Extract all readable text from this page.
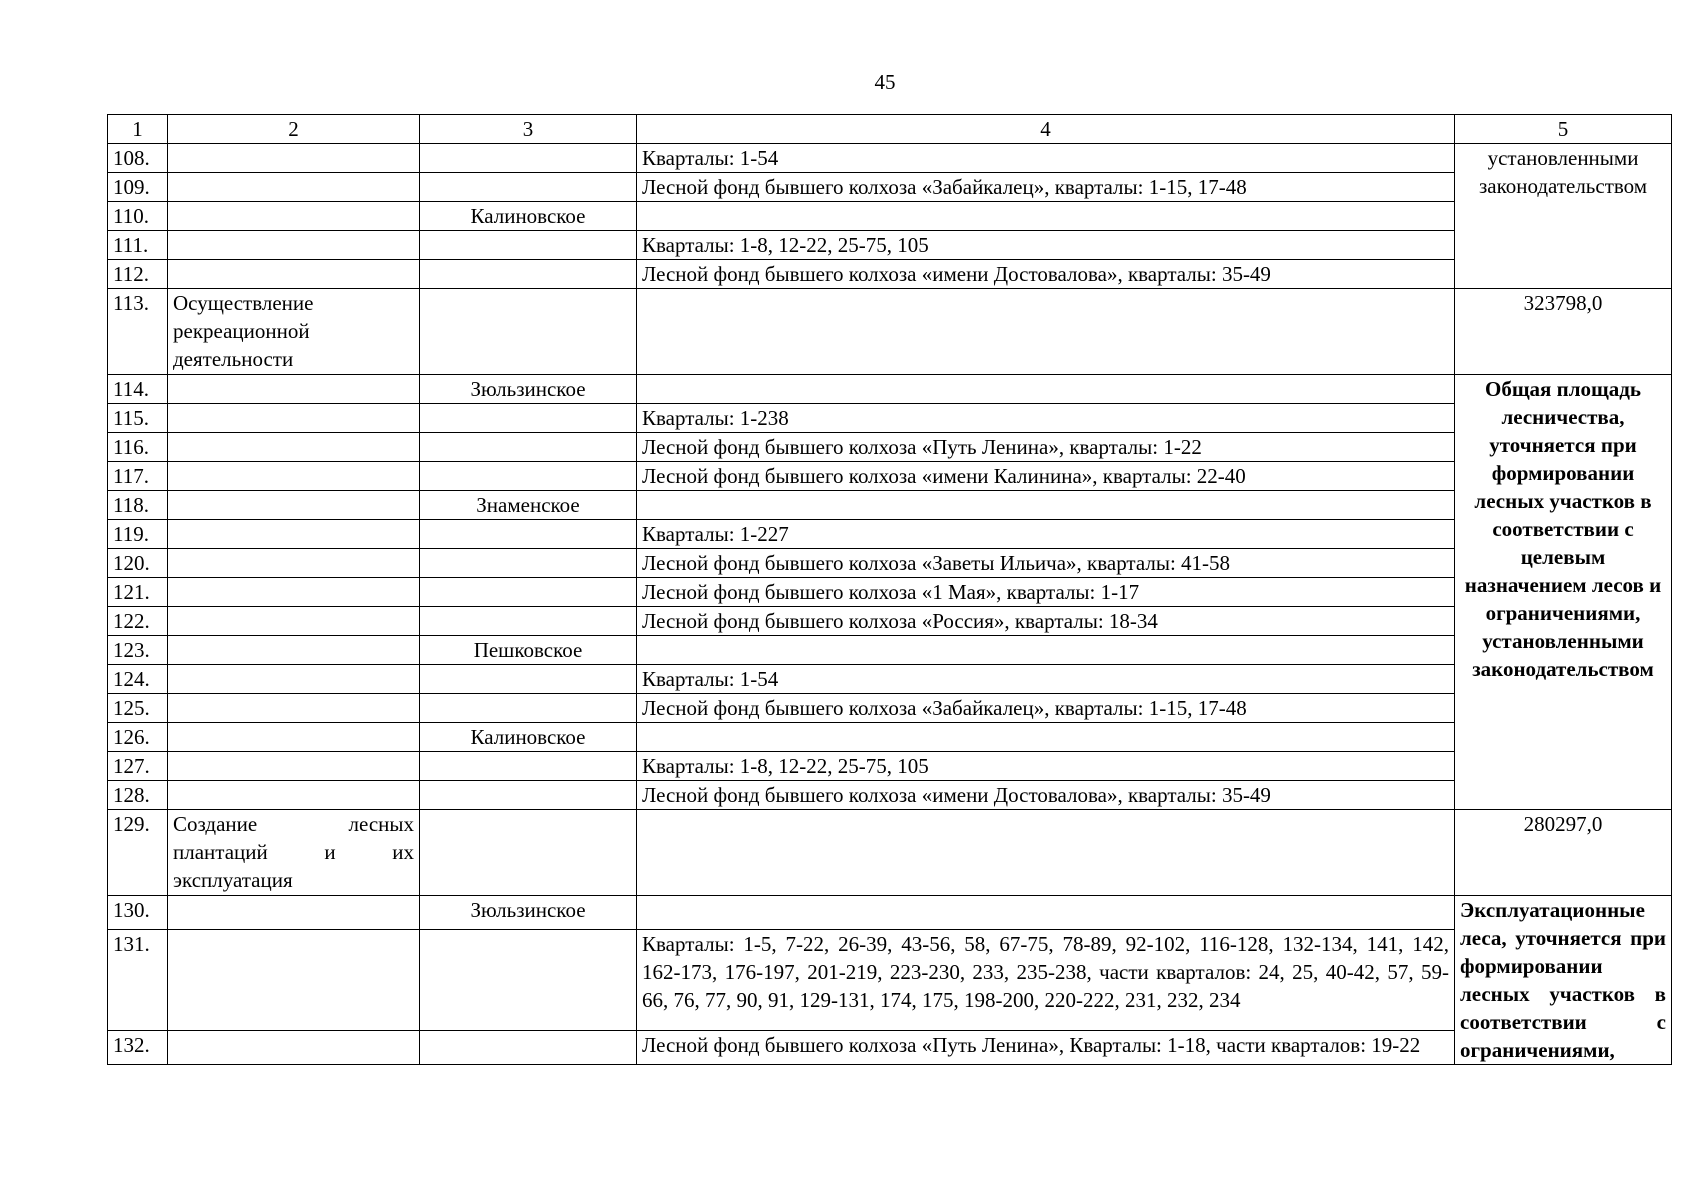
45
1	2	3	4	5
108.			Кварталы: 1-54	установленными законодательством
109.			Лесной фонд бывшего колхоза «Забайкалец», кварталы: 1-15, 17-48	
110.		Калиновское		
111.			Кварталы: 1-8, 12-22, 25-75, 105	
112.			Лесной фонд бывшего колхоза «имени Достовалова», кварталы: 35-49	
113.	Осуществление рекреационной деятельности			323798,0
114.		Зюльзинское		Общая площадь лесничества, уточняется при формировании лесных участков в соответствии с целевым назначением лесов и ограничениями, установленными законодательством
115.			Кварталы: 1-238	
116.			Лесной фонд бывшего колхоза «Путь Ленина», кварталы: 1-22	
117.			Лесной фонд бывшего колхоза «имени Калинина», кварталы: 22-40	
118.		Знаменское		
119.			Кварталы: 1-227	
120.			Лесной фонд бывшего колхоза «Заветы Ильича», кварталы: 41-58	
121.			Лесной фонд бывшего колхоза «1 Мая», кварталы: 1-17	
122.			Лесной фонд бывшего колхоза «Россия», кварталы: 18-34	
123.		Пешковское		
124.			Кварталы: 1-54	
125.			Лесной фонд бывшего колхоза «Забайкалец», кварталы: 1-15, 17-48	
126.		Калиновское		
127.			Кварталы: 1-8, 12-22, 25-75, 105	
128.			Лесной фонд бывшего колхоза «имени Достовалова», кварталы: 35-49	
129.	Создание лесных плантаций и их эксплуатация			280297,0
130.		Зюльзинское		Эксплуатационные леса, уточняется при формировании лесных участков в соответствии с ограничениями,
131.			Кварталы: 1-5, 7-22, 26-39, 43-56, 58, 67-75, 78-89, 92-102, 116-128, 132-134, 141, 142, 162-173, 176-197, 201-219, 223-230, 233, 235-238, части кварталов: 24, 25, 40-42, 57, 59-66, 76, 77, 90, 91, 129-131, 174, 175, 198-200, 220-222, 231, 232, 234	
132.			Лесной фонд бывшего колхоза «Путь Ленина», Кварталы: 1-18, части кварталов: 19-22	
